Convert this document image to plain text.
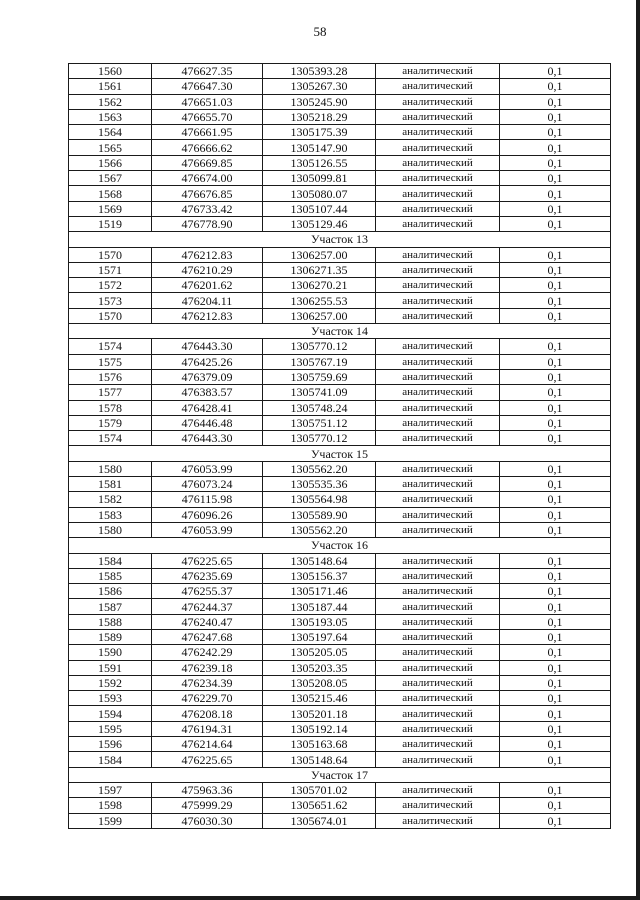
58
1560	476627.35	1305393.28	аналитический	0,1
1561	476647.30	1305267.30	аналитический	0,1
1562	476651.03	1305245.90	аналитический	0,1
1563	476655.70	1305218.29	аналитический	0,1
1564	476661.95	1305175.39	аналитический	0,1
1565	476666.62	1305147.90	аналитический	0,1
1566	476669.85	1305126.55	аналитический	0,1
1567	476674.00	1305099.81	аналитический	0,1
1568	476676.85	1305080.07	аналитический	0,1
1569	476733.42	1305107.44	аналитический	0,1
1519	476778.90	1305129.46	аналитический	0,1
Участок 13				
1570	476212.83	1306257.00	аналитический	0,1
1571	476210.29	1306271.35	аналитический	0,1
1572	476201.62	1306270.21	аналитический	0,1
1573	476204.11	1306255.53	аналитический	0,1
1570	476212.83	1306257.00	аналитический	0,1
Участок 14				
1574	476443.30	1305770.12	аналитический	0,1
1575	476425.26	1305767.19	аналитический	0,1
1576	476379.09	1305759.69	аналитический	0,1
1577	476383.57	1305741.09	аналитический	0,1
1578	476428.41	1305748.24	аналитический	0,1
1579	476446.48	1305751.12	аналитический	0,1
1574	476443.30	1305770.12	аналитический	0,1
Участок 15				
1580	476053.99	1305562.20	аналитический	0,1
1581	476073.24	1305535.36	аналитический	0,1
1582	476115.98	1305564.98	аналитический	0,1
1583	476096.26	1305589.90	аналитический	0,1
1580	476053.99	1305562.20	аналитический	0,1
Участок 16				
1584	476225.65	1305148.64	аналитический	0,1
1585	476235.69	1305156.37	аналитический	0,1
1586	476255.37	1305171.46	аналитический	0,1
1587	476244.37	1305187.44	аналитический	0,1
1588	476240.47	1305193.05	аналитический	0,1
1589	476247.68	1305197.64	аналитический	0,1
1590	476242.29	1305205.05	аналитический	0,1
1591	476239.18	1305203.35	аналитический	0,1
1592	476234.39	1305208.05	аналитический	0,1
1593	476229.70	1305215.46	аналитический	0,1
1594	476208.18	1305201.18	аналитический	0,1
1595	476194.31	1305192.14	аналитический	0,1
1596	476214.64	1305163.68	аналитический	0,1
1584	476225.65	1305148.64	аналитический	0,1
Участок 17				
1597	475963.36	1305701.02	аналитический	0,1
1598	475999.29	1305651.62	аналитический	0,1
1599	476030.30	1305674.01	аналитический	0,1
